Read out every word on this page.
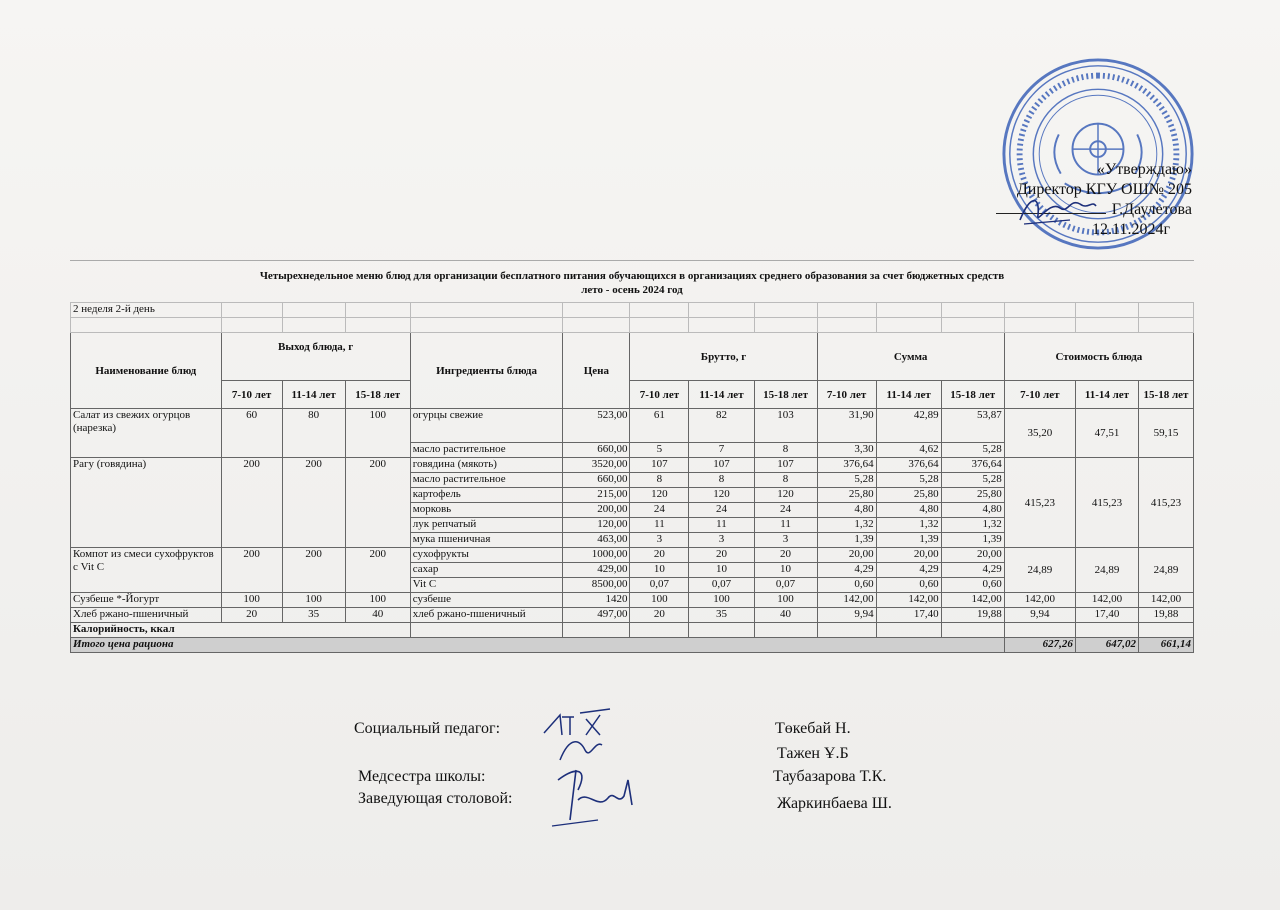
«Утверждаю»
Директор КГУ ОШ№ 205
Г.Даулетова
12.11.2024г
Четырехнедельное меню блюд для организации бесплатного питания обучающихся в организациях среднего образования за счет бюджетных средств
лето - осень 2024 год
2 неделя 2-й день														

Наименование блюд	Выход блюда, г			Ингредиенты блюда	Цена	Брутто, г			Сумма			Стоимость блюда		
	7-10 лет	11-14 лет	15-18 лет			7-10 лет	11-14 лет	15-18 лет	7-10 лет	11-14 лет	15-18 лет	7-10 лет	11-14 лет	15-18 лет
Салат из свежих огурцов (нарезка)	60	80	100	огурцы свежие	523,00	61	82	103	31,90	42,89	53,87	35,20	47,51	59,15
				масло растительное	660,00	5	7	8	3,30	4,62	5,28			
Рагу (говядина)	200	200	200	говядина (мякоть)	3520,00	107	107	107	376,64	376,64	376,64	415,23	415,23	415,23
				масло растительное	660,00	8	8	8	5,28	5,28	5,28			
				картофель	215,00	120	120	120	25,80	25,80	25,80			
				морковь	200,00	24	24	24	4,80	4,80	4,80			
				лук репчатый	120,00	11	11	11	1,32	1,32	1,32			
				мука пшеничная	463,00	3	3	3	1,39	1,39	1,39			
Компот из смеси сухофруктов с Vit C	200	200	200	сухофрукты	1000,00	20	20	20	20,00	20,00	20,00	24,89	24,89	24,89
				сахар	429,00	10	10	10	4,29	4,29	4,29			
				Vit C	8500,00	0,07	0,07	0,07	0,60	0,60	0,60			
Сузбеше *-Йогурт	100	100	100	сузбеше	1420	100	100	100	142,00	142,00	142,00	142,00	142,00	142,00
Хлеб ржано-пшеничный	20	35	40	хлеб ржано-пшеничный	497,00	20	35	40	9,94	17,40	19,88	9,94	17,40	19,88
Калорийность, ккал														
Итого цена рациона												627,26	647,02	661,14
Социальный педагог:	Төкебай Н.
Тажен Ұ.Б
Медсестра школы:	Таубазарова Т.К.
Заведующая столовой:	Жаркинбаева Ш.
